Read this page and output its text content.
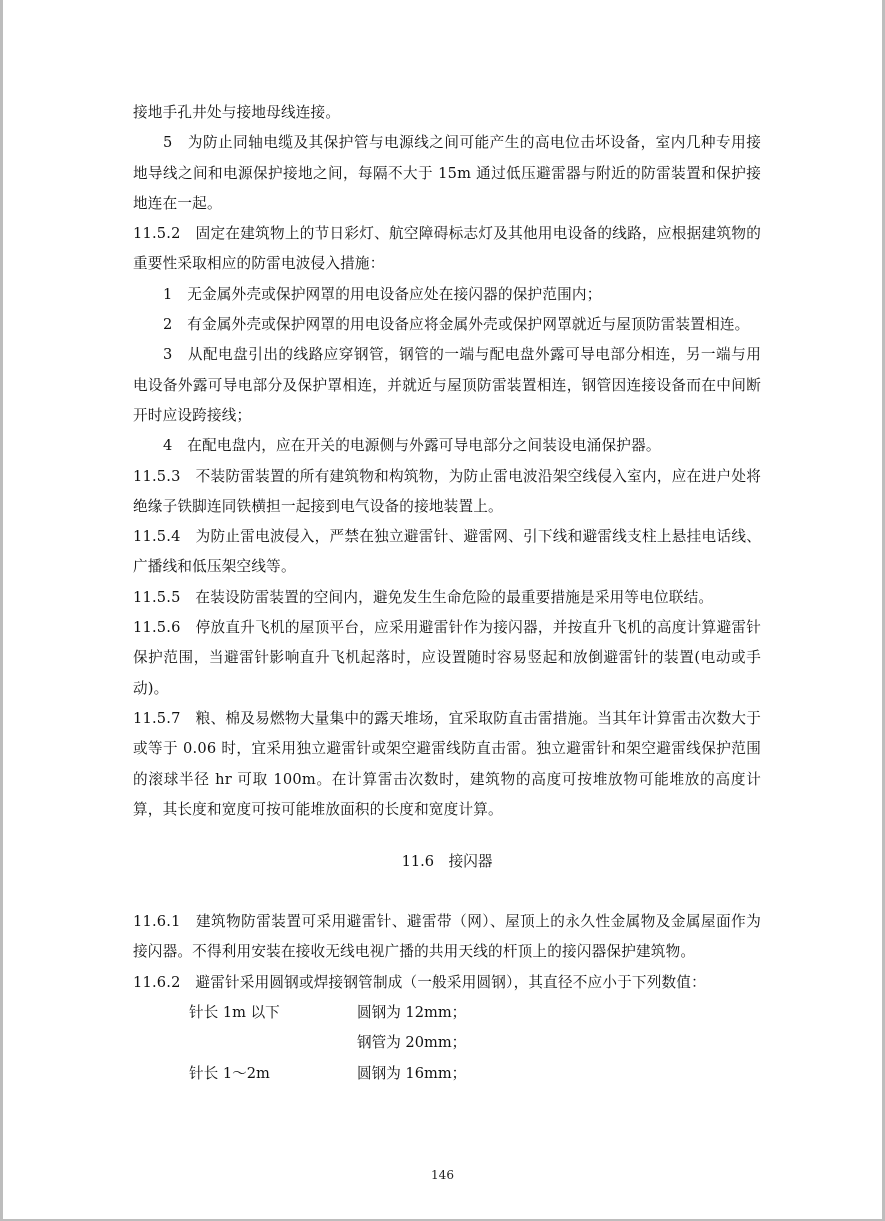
接地手孔井处与接地母线连接。
5　为防止同轴电缆及其保护管与电源线之间可能产生的高电位击坏设备，室内几种专用接地导线之间和电源保护接地之间，每隔不大于 15m 通过低压避雷器与附近的防雷装置和保护接地连在一起。
11.5.2　固定在建筑物上的节日彩灯、航空障碍标志灯及其他用电设备的线路，应根据建筑物的重要性采取相应的防雷电波侵入措施：
1　无金属外壳或保护网罩的用电设备应处在接闪器的保护范围内；
2　有金属外壳或保护网罩的用电设备应将金属外壳或保护网罩就近与屋顶防雷装置相连。
3　从配电盘引出的线路应穿钢管，钢管的一端与配电盘外露可导电部分相连，另一端与用电设备外露可导电部分及保护罩相连，并就近与屋顶防雷装置相连，钢管因连接设备而在中间断开时应设跨接线；
4　在配电盘内，应在开关的电源侧与外露可导电部分之间装设电涌保护器。
11.5.3　不装防雷装置的所有建筑物和构筑物，为防止雷电波沿架空线侵入室内，应在进户处将绝缘子铁脚连同铁横担一起接到电气设备的接地装置上。
11.5.4　为防止雷电波侵入，严禁在独立避雷针、避雷网、引下线和避雷线支柱上悬挂电话线、广播线和低压架空线等。
11.5.5　在装设防雷装置的空间内，避免发生生命危险的最重要措施是采用等电位联结。
11.5.6　停放直升飞机的屋顶平台，应采用避雷针作为接闪器，并按直升飞机的高度计算避雷针保护范围，当避雷针影响直升飞机起落时，应设置随时容易竖起和放倒避雷针的装置(电动或手动)。
11.5.7　粮、棉及易燃物大量集中的露天堆场，宜采取防直击雷措施。当其年计算雷击次数大于或等于 0.06 时，宜采用独立避雷针或架空避雷线防直击雷。独立避雷针和架空避雷线保护范围的滚球半径 hr 可取 100m。在计算雷击次数时，建筑物的高度可按堆放物可能堆放的高度计算，其长度和宽度可按可能堆放面积的长度和宽度计算。
11.6　接闪器
11.6.1　建筑物防雷装置可采用避雷针、避雷带（网）、屋顶上的永久性金属物及金属屋面作为接闪器。不得利用安装在接收无线电视广播的共用天线的杆顶上的接闪器保护建筑物。
11.6.2　避雷针采用圆钢或焊接钢管制成（一般采用圆钢），其直径不应小于下列数值：
针长 1m 以下	圆钢为 12mm；
钢管为 20mm；
针长 1～2m	圆钢为 16mm；
146
